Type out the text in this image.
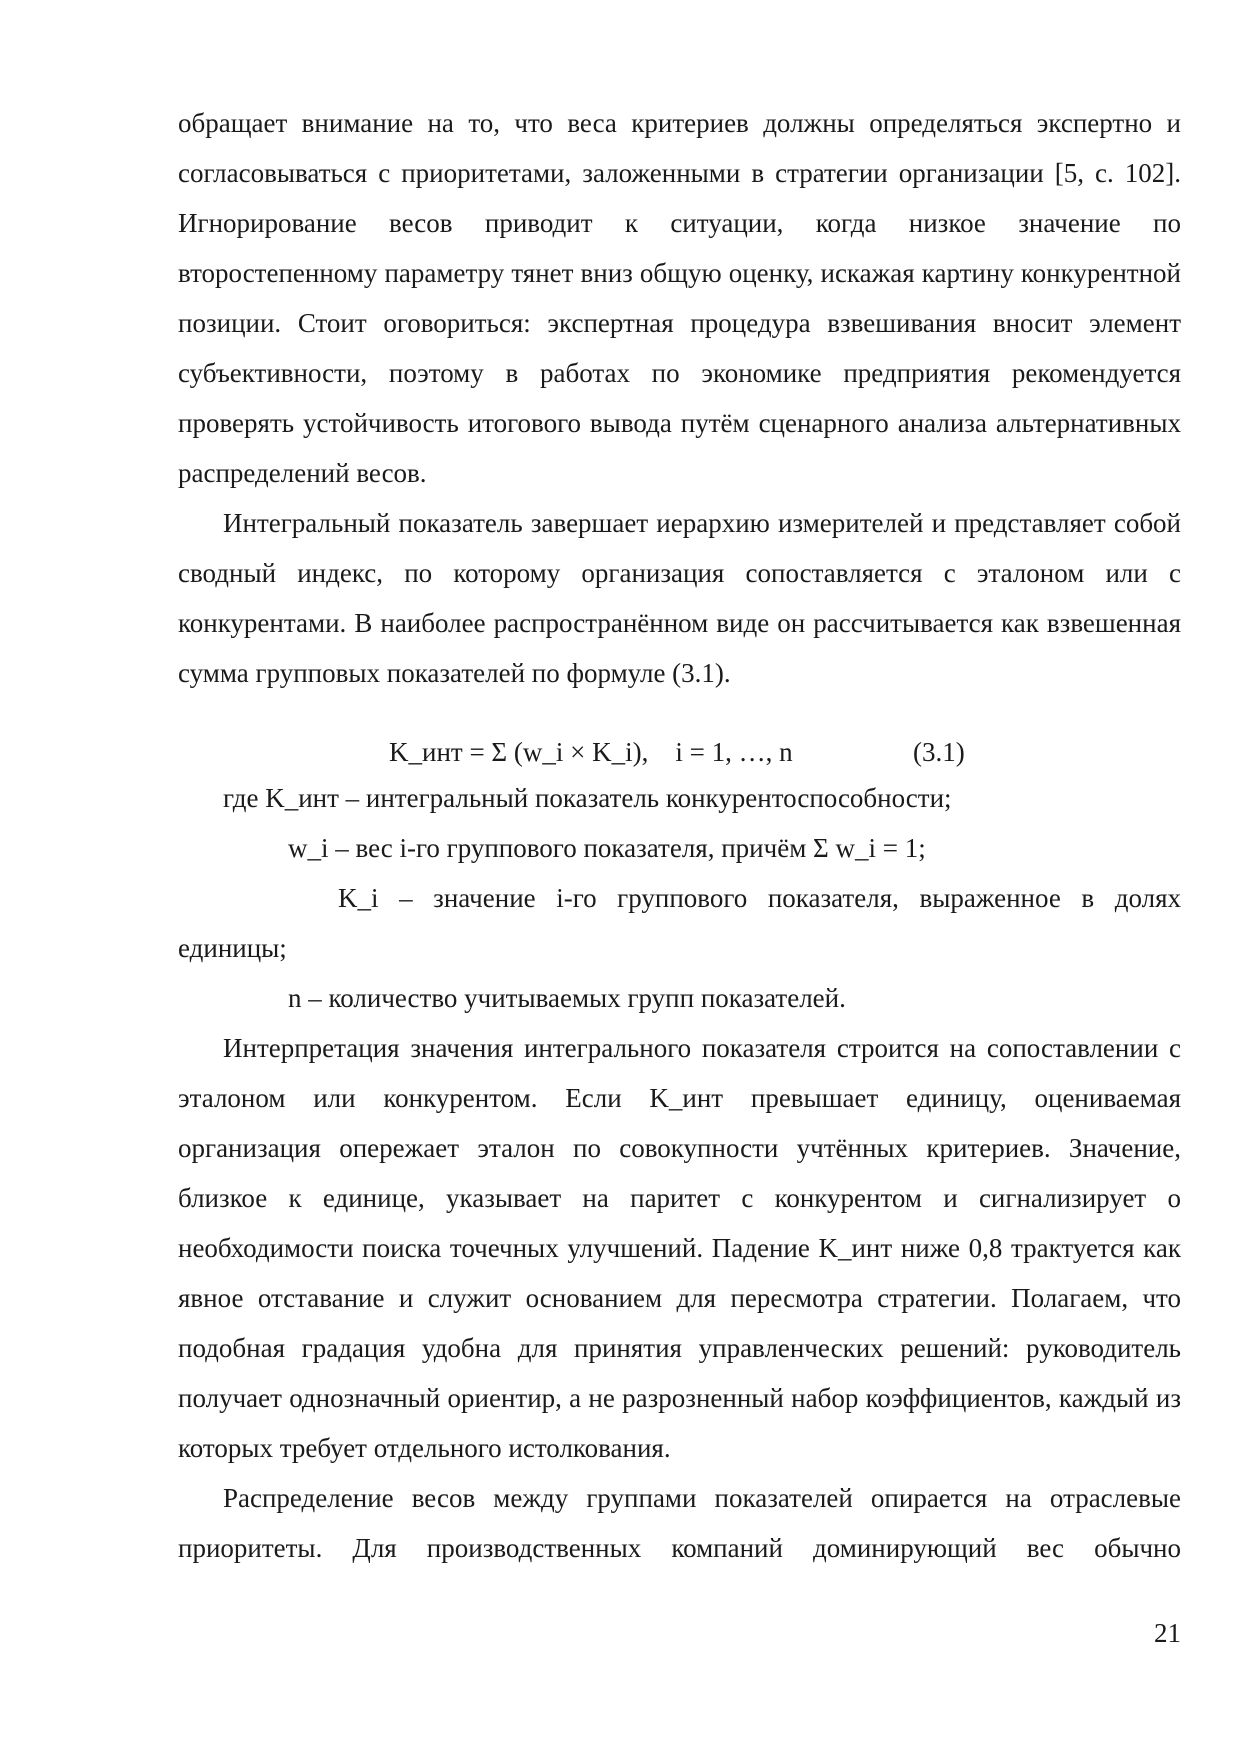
обращает внимание на то, что веса критериев должны определяться экспертно и согласовываться с приоритетами, заложенными в стратегии организации [5, с. 102]. Игнорирование весов приводит к ситуации, когда низкое значение по второстепенному параметру тянет вниз общую оценку, искажая картину конкурентной позиции. Стоит оговориться: экспертная процедура взвешивания вносит элемент субъективности, поэтому в работах по экономике предприятия рекомендуется проверять устойчивость итогового вывода путём сценарного анализа альтернативных распределений весов.

Интегральный показатель завершает иерархию измерителей и представляет собой сводный индекс, по которому организация сопоставляется с эталоном или с конкурентами. В наиболее распространённом виде он рассчитывается как взвешенная сумма групповых показателей по формуле (3.1).

K_инт = Σ (w_i × K_i),    i = 1, …, n	(3.1)

где K_инт – интегральный показатель конкурентоспособности;

w_i – вес i-го группового показателя, причём Σ w_i = 1;

K_i – значение i-го группового показателя, выраженное в долях единицы;

n – количество учитываемых групп показателей.

Интерпретация значения интегрального показателя строится на сопоставлении с эталоном или конкурентом. Если K_инт превышает единицу, оцениваемая организация опережает эталон по совокупности учтённых критериев. Значение, близкое к единице, указывает на паритет с конкурентом и сигнализирует о необходимости поиска точечных улучшений. Падение K_инт ниже 0,8 трактуется как явное отставание и служит основанием для пересмотра стратегии. Полагаем, что подобная градация удобна для принятия управленческих решений: руководитель получает однозначный ориентир, а не разрозненный набор коэффициентов, каждый из которых требует отдельного истолкования.

Распределение весов между группами показателей опирается на отраслевые приоритеты. Для производственных компаний доминирующий вес обычно

21
